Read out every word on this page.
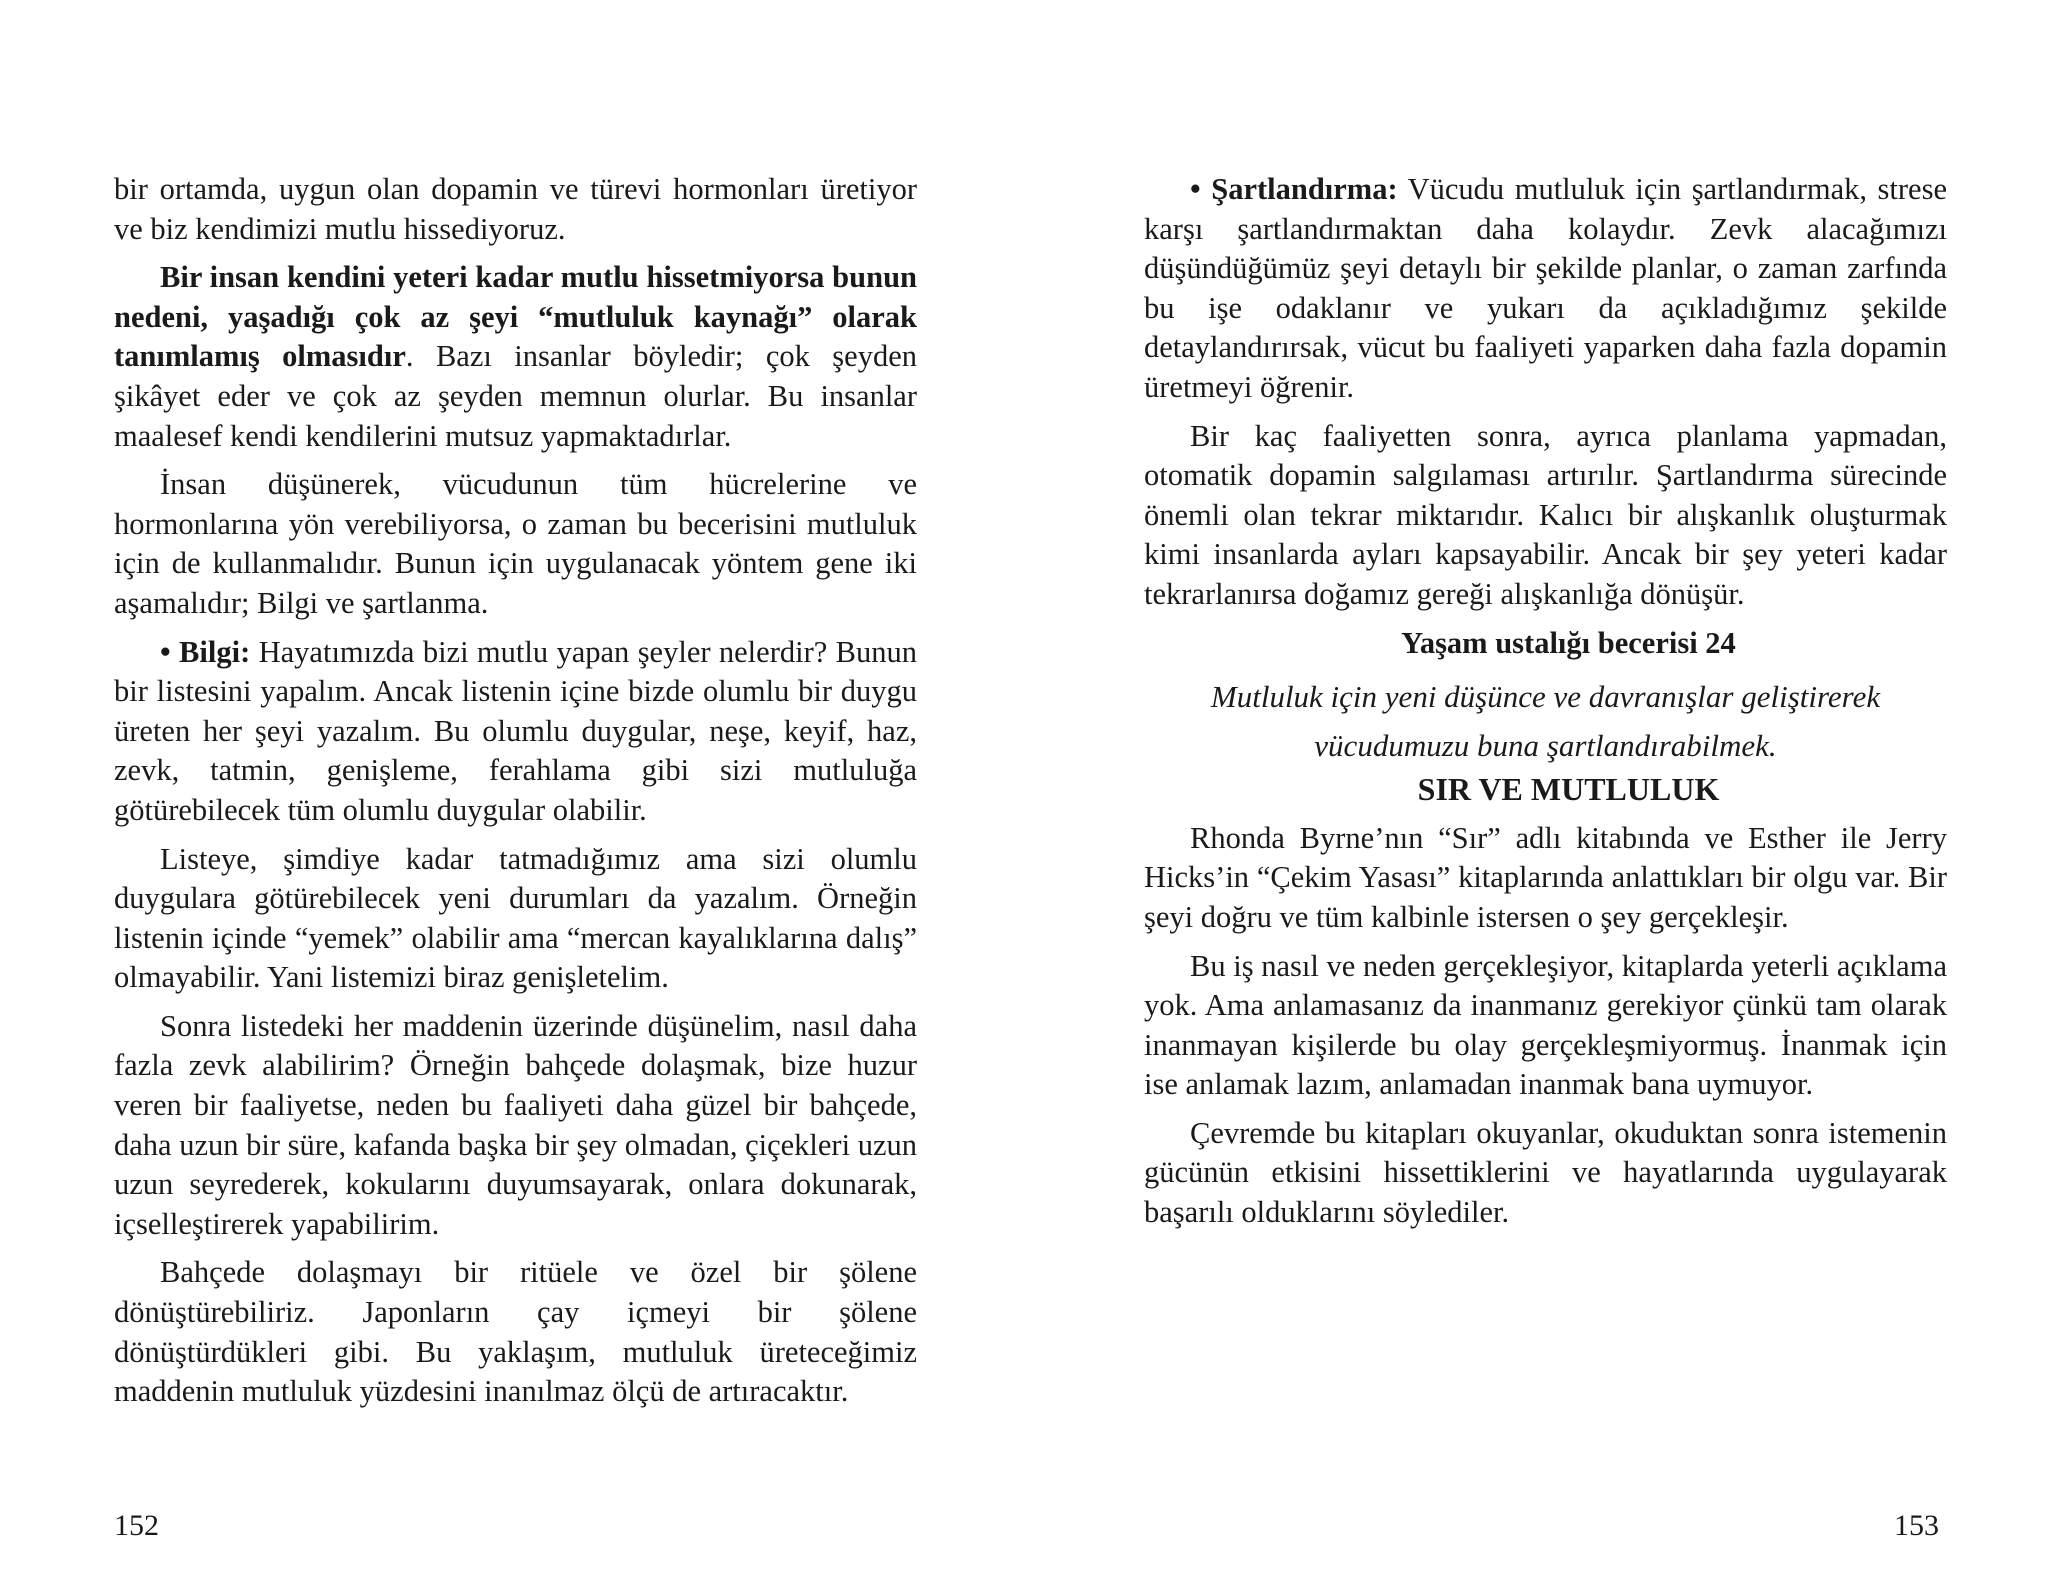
bir ortamda, uygun olan dopamin ve türevi hormonları üretiyor ve biz kendimizi mutlu hissediyoruz.

Bir insan kendini yeteri kadar mutlu hissetmiyorsa bunun nedeni, yaşadığı çok az şeyi “mutluluk kaynağı” olarak tanımlamış olmasıdır. Bazı insanlar böyledir; çok şeyden şikâyet eder ve çok az şeyden memnun olurlar. Bu insanlar maalesef kendi kendilerini mutsuz yapmaktadırlar.

İnsan düşünerek, vücudunun tüm hücrelerine ve hormonlarına yön verebiliyorsa, o zaman bu becerisini mutluluk için de kullanmalıdır. Bunun için uygulanacak yöntem gene iki aşamalıdır; Bilgi ve şartlanma.

• Bilgi: Hayatımızda bizi mutlu yapan şeyler nelerdir? Bunun bir listesini yapalım. Ancak listenin içine bizde olumlu bir duygu üreten her şeyi yazalım. Bu olumlu duygular, neşe, keyif, haz, zevk, tatmin, genişleme, ferahlama gibi sizi mutluluğa götürebilecek tüm olumlu duygular olabilir.

Listeye, şimdiye kadar tatmadığımız ama sizi olumlu duygulara götürebilecek yeni durumları da yazalım. Örneğin listenin içinde “yemek” olabilir ama “mercan kayalıklarına dalış” olmayabilir. Yani listemizi biraz genişletelim.

Sonra listedeki her maddenin üzerinde düşünelim, nasıl daha fazla zevk alabilirim? Örneğin bahçede dolaşmak, bize huzur veren bir faaliyetse, neden bu faaliyeti daha güzel bir bahçede, daha uzun bir süre, kafanda başka bir şey olmadan, çiçekleri uzun uzun seyrederek, kokularını duyumsayarak, onlara dokunarak, içselleştirerek yapabilirim.

Bahçede dolaşmayı bir ritüele ve özel bir şölene dönüştürebiliriz. Japonların çay içmeyi bir şölene dönüştürdükleri gibi. Bu yaklaşım, mutluluk üreteceğimiz maddenin mutluluk yüzdesini inanılmaz ölçü de artıracaktır.

152

• Şartlandırma: Vücudu mutluluk için şartlandırmak, strese karşı şartlandırmaktan daha kolaydır. Zevk alacağımızı düşündüğümüz şeyi detaylı bir şekilde planlar, o zaman zarfında bu işe odaklanır ve yukarı da açıkladığımız şekilde detaylandırırsak, vücut bu faaliyeti yaparken daha fazla dopamin üretmeyi öğrenir.

Bir kaç faaliyetten sonra, ayrıca planlama yapmadan, otomatik dopamin salgılaması artırılır. Şartlandırma sürecinde önemli olan tekrar miktarıdır. Kalıcı bir alışkanlık oluşturmak kimi insanlarda ayları kapsayabilir. Ancak bir şey yeteri kadar tekrarlanırsa doğamız gereği alışkanlığa dönüşür.

Yaşam ustalığı becerisi 24

Mutluluk için yeni düşünce ve davranışlar geliştirerek
vücudumuzu buna şartlandırabilmek.

SIR VE MUTLULUK

Rhonda Byrne’nın “Sır” adlı kitabında ve Esther ile Jerry Hicks’in “Çekim Yasası” kitaplarında anlattıkları bir olgu var. Bir şeyi doğru ve tüm kalbinle istersen o şey gerçekleşir.

Bu iş nasıl ve neden gerçekleşiyor, kitaplarda yeterli açıklama yok. Ama anlamasanız da inanmanız gerekiyor çünkü tam olarak inanmayan kişilerde bu olay gerçekleşmiyormuş. İnanmak için ise anlamak lazım, anlamadan inanmak bana uymuyor.

Çevremde bu kitapları okuyanlar, okuduktan sonra istemenin gücünün etkisini hissettiklerini ve hayatlarında uygulayarak başarılı olduklarını söylediler.

153
